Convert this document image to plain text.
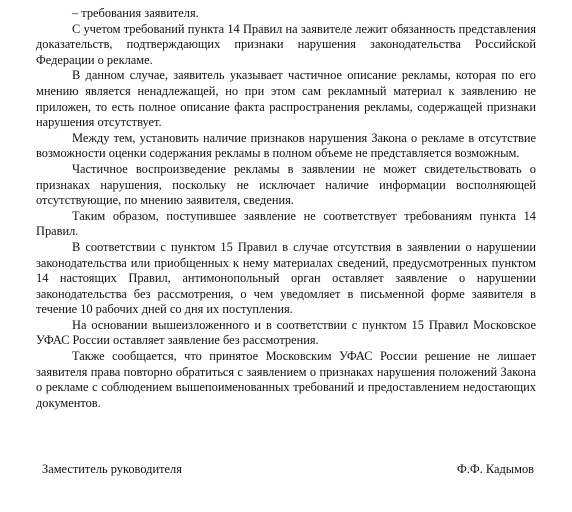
– требования заявителя.

С учетом требований пункта 14 Правил на заявителе лежит обязанность представления доказательств, подтверждающих признаки нарушения законодательства Российской Федерации о рекламе.

В данном случае, заявитель указывает частичное описание рекламы, которая по его мнению является ненадлежащей, но при этом сам рекламный материал к заявлению не приложен, то есть полное описание факта распространения рекламы, содержащей признаки нарушения отсутствует.

Между тем, установить наличие признаков нарушения Закона о рекламе в отсутствие возможности оценки содержания рекламы в полном объеме не представляется возможным.

Частичное воспроизведение рекламы в заявлении не может свидетельствовать о признаках нарушения, поскольку не исключает наличие информации восполняющей отсутствующие, по мнению заявителя, сведения.

Таким образом, поступившее заявление не соответствует требованиям пункта 14 Правил.

В соответствии с пунктом 15 Правил в случае отсутствия в заявлении о нарушении законодательства или приобщенных к нему материалах сведений, предусмотренных пунктом 14 настоящих Правил, антимонопольный орган оставляет заявление о нарушении законодательства без рассмотрения, о чем уведомляет в письменной форме заявителя в течение 10 рабочих дней со дня их поступления.

На основании вышеизложенного и в соответствии с пунктом 15 Правил Московское УФАС России оставляет заявление без рассмотрения.

Также сообщается, что принятое Московским УФАС России решение не лишает заявителя права повторно обратиться с заявлением о признаках нарушения положений Закона о рекламе с соблюдением вышепоименованных требований и предоставлением недостающих документов.

Заместитель руководителя	Ф.Ф. Кадымов
